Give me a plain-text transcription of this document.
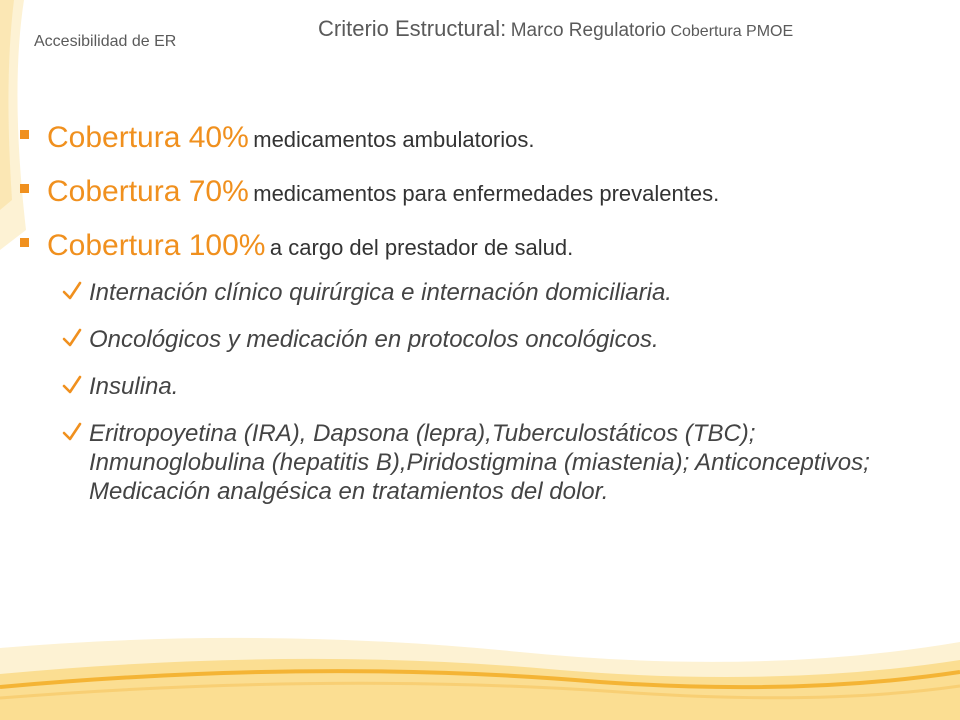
Accesibilidad de ER
Criterio Estructural: Marco Regulatorio Cobertura PMOE
Cobertura 40% medicamentos ambulatorios.
Cobertura 70% medicamentos para enfermedades prevalentes.
Cobertura 100% a cargo del prestador de salud.
Internación clínico quirúrgica e internación domiciliaria.
Oncológicos y medicación en protocolos oncológicos.
Insulina.
Eritropoyetina (IRA), Dapsona (lepra),Tuberculostáticos (TBC); Inmunoglobulina (hepatitis B),Piridostigmina (miastenia); Anticonceptivos; Medicación analgésica en tratamientos del dolor.
